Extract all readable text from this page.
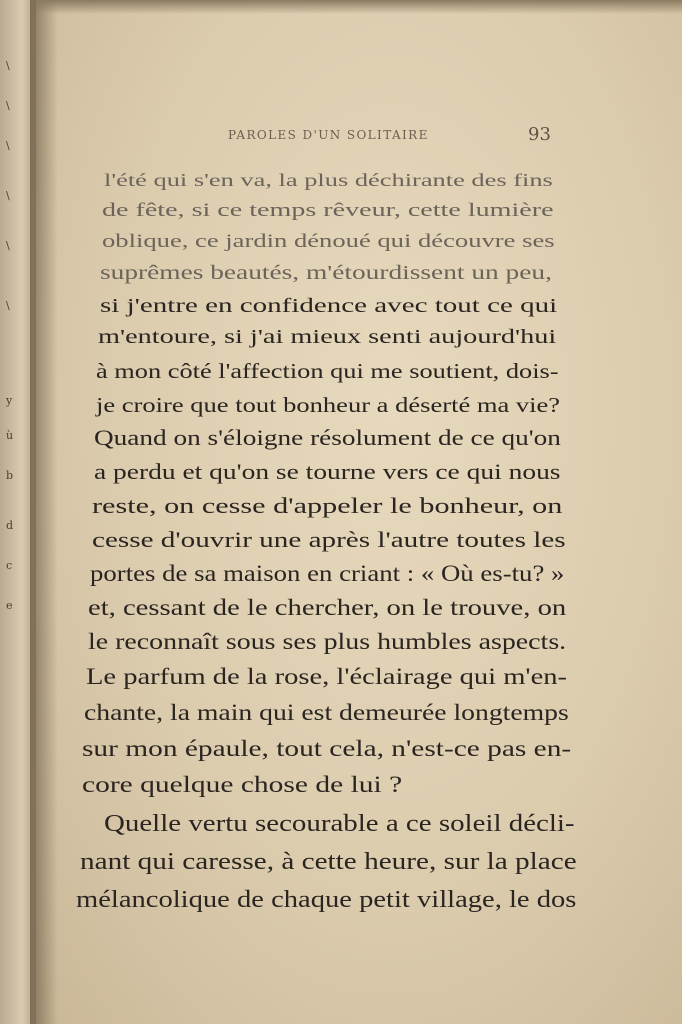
\
\
\
\
\
\
y
ù
b
d
c
e
PAROLES D'UN SOLITAIRE	93
l'été qui s'en va, la plus déchirante des fins
de fête, si ce temps rêveur, cette lumière
oblique, ce jardin dénoué qui découvre ses
suprêmes beautés, m'étourdissent un peu,
si j'entre en confidence avec tout ce qui
m'entoure, si j'ai mieux senti aujourd'hui
à mon côté l'affection qui me soutient, dois-
je croire que tout bonheur a déserté ma vie?
Quand on s'éloigne résolument de ce qu'on
a perdu et qu'on se tourne vers ce qui nous
reste, on cesse d'appeler le bonheur, on
cesse d'ouvrir une après l'autre toutes les
portes de sa maison en criant : « Où es-tu? »
et, cessant de le chercher, on le trouve, on
le reconnaît sous ses plus humbles aspects.
Le parfum de la rose, l'éclairage qui m'en-
chante, la main qui est demeurée longtemps
sur mon épaule, tout cela, n'est-ce pas en-
core quelque chose de lui ?
Quelle vertu secourable a ce soleil décli-
nant qui caresse, à cette heure, sur la place
mélancolique de chaque petit village, le dos
